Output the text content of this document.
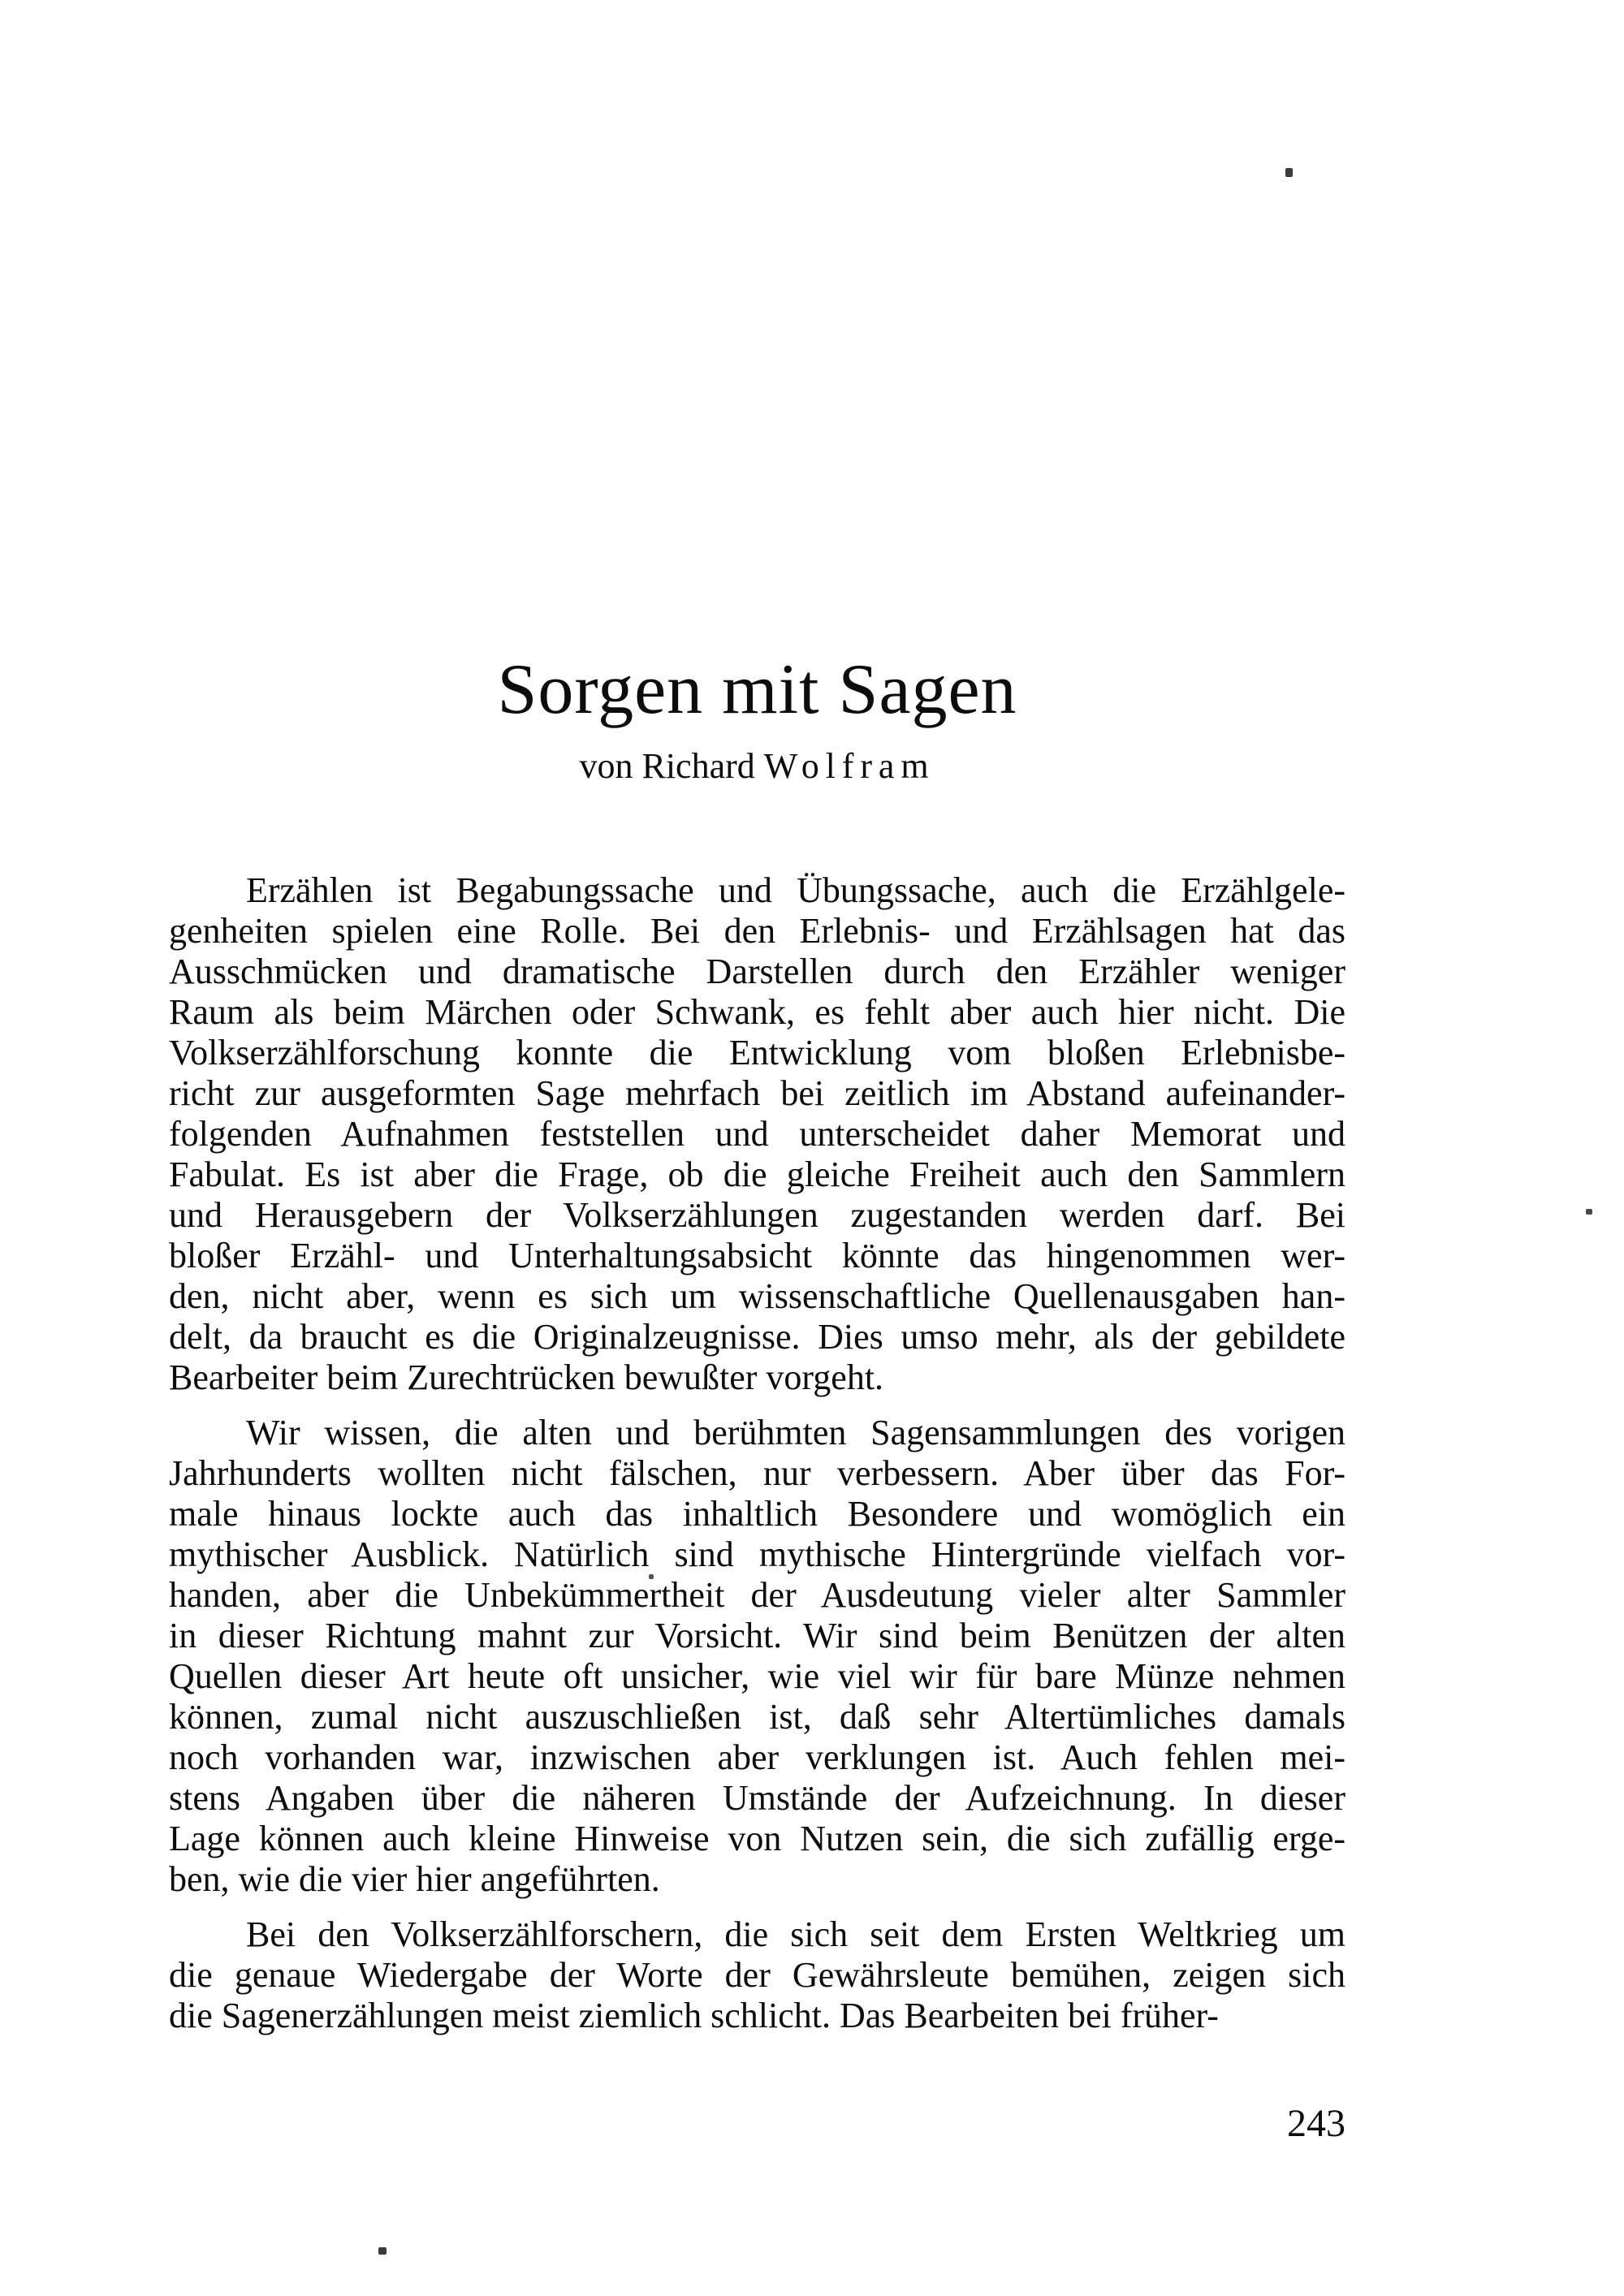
Sorgen mit Sagen
von Richard Wolfram
Erzählen ist Begabungssache und Übungssache, auch die Erzählgele-
genheiten spielen eine Rolle. Bei den Erlebnis- und Erzählsagen hat das
Ausschmücken und dramatische Darstellen durch den Erzähler weniger
Raum als beim Märchen oder Schwank, es fehlt aber auch hier nicht. Die
Volkserzählforschung konnte die Entwicklung vom bloßen Erlebnisbe-
richt zur ausgeformten Sage mehrfach bei zeitlich im Abstand aufeinander-
folgenden Aufnahmen feststellen und unterscheidet daher Memorat und
Fabulat. Es ist aber die Frage, ob die gleiche Freiheit auch den Sammlern
und Herausgebern der Volkserzählungen zugestanden werden darf. Bei
bloßer Erzähl- und Unterhaltungsabsicht könnte das hingenommen wer-
den, nicht aber, wenn es sich um wissenschaftliche Quellenausgaben han-
delt, da braucht es die Originalzeugnisse. Dies umso mehr, als der gebildete
Bearbeiter beim Zurechtrücken bewußter vorgeht.
Wir wissen, die alten und berühmten Sagensammlungen des vorigen
Jahrhunderts wollten nicht fälschen, nur verbessern. Aber über das For-
male hinaus lockte auch das inhaltlich Besondere und womöglich ein
mythischer Ausblick. Natürlich sind mythische Hintergründe vielfach vor-
handen, aber die Unbekümmertheit der Ausdeutung vieler alter Sammler
in dieser Richtung mahnt zur Vorsicht. Wir sind beim Benützen der alten
Quellen dieser Art heute oft unsicher, wie viel wir für bare Münze nehmen
können, zumal nicht auszuschließen ist, daß sehr Altertümliches damals
noch vorhanden war, inzwischen aber verklungen ist. Auch fehlen mei-
stens Angaben über die näheren Umstände der Aufzeichnung. In dieser
Lage können auch kleine Hinweise von Nutzen sein, die sich zufällig erge-
ben, wie die vier hier angeführten.
Bei den Volkserzählforschern, die sich seit dem Ersten Weltkrieg um
die genaue Wiedergabe der Worte der Gewährsleute bemühen, zeigen sich
die Sagenerzählungen meist ziemlich schlicht. Das Bearbeiten bei früher-
243
